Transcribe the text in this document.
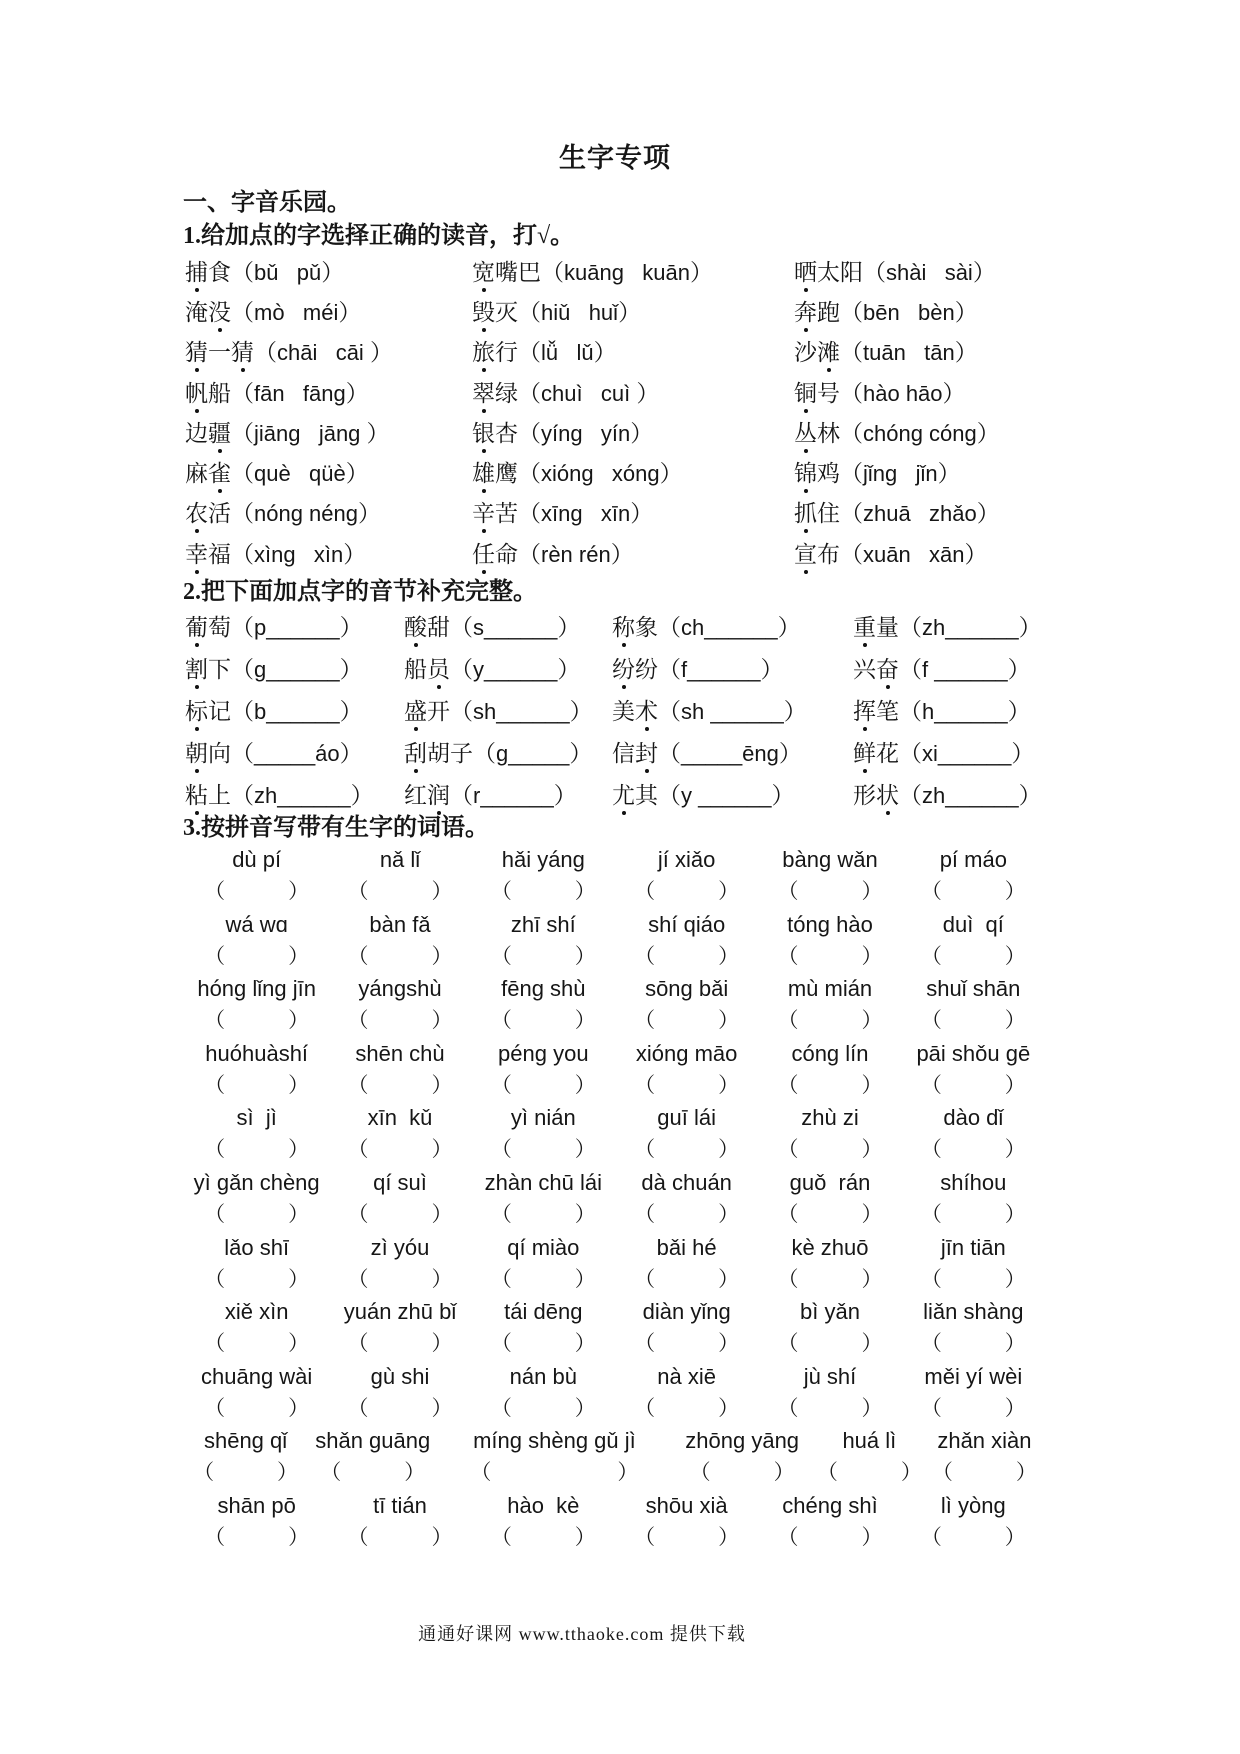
生字专项
一、字音乐园。
1.给加点的字选择正确的读音，打√。
捕食（bǔ   pǔ）	宽嘴巴（kuāng   kuān）	晒太阳（shài   sài）
淹没（mò   méi）	毁灭（hiǔ   huǐ）	奔跑（bēn   bèn）
猜一猜（chāi   cāi ）	旅行（lǚ   lǔ）	沙滩（tuān   tān）
帆船（fān   fāng）	翠绿（chuì   cuì ）	铜号（hào hāo）
边疆（jiāng   jāng ）	银杏（yíng   yín）	丛林（chóng cóng）
麻雀（què   qüè）	雄鹰（xióng   xóng）	锦鸡（jǐng   jǐn）
农活（nóng néng）	辛苦（xīng   xīn）	抓住（zhuā   zhǎo）
幸福（xìng   xìn）	任命（rèn rén）	宣布（xuān   xān）
2.把下面加点字的音节补充完整。
葡萄（p______）	酸甜（s______）	称象（ch______）	重量（zh______）
割下（g______）	船员（y______）	纷纷（f______）	兴奋（f ______）
标记（b______）	盛开（sh______） 美术（sh ______）	挥笔（h______）
朝向（_____áo）	刮胡子（g_____） 信封（_____ēng）	鲜花（xi______）
粘上（zh______）	红润（r______）	尤其（y ______）	形状（zh______）
3.按拼音写带有生字的词语。
dù pí	nǎ lǐ	hǎi yáng	jí xiǎo	bàng wǎn	pí máo
（　　　）	（　　　）	（　　　）	（　　　）	（　　　）	（　　　）
wá wɑ	bàn fǎ	zhī shí	shí qiáo	tóng hào	duì  qí
（　　　）	（　　　）	（　　　）	（　　　）	（　　　）	（　　　）
hóng lǐng jīn	yángshù	fēng shù	sōng bǎi	mù mián	shuǐ shān
（　　　）	（　　　）	（　　　）	（　　　）	（　　　）	（　　　）
huóhuàshí	shēn chù	péng you	xióng māo	cóng lín	pāi shǒu gē
（　　　）	（　　　）	（　　　）	（　　　）	（　　　）	（　　　）
sì  jì	xīn  kǔ	yì nián	guī lái	zhù zi	dào dǐ
（　　　）	（　　　）	（　　　）	（　　　）	（　　　）	（　　　）
yì gǎn chèng	qí suì	zhàn chū lái	dà chuán	guǒ  rán	shíhou
（　　　）	（　　　）	（　　　）	（　　　）	（　　　）	（　　　）
lǎo shī	zì yóu	qí miào	bǎi hé	kè zhuō	jīn tiān
（　　　）	（　　　）	（　　　）	（　　　）	（　　　）	（　　　）
xiě xìn	yuán zhū bǐ	tái dēng	diàn yǐng	bì yǎn	liǎn shàng
（　　　）	（　　　）	（　　　）	（　　　）	（　　　）	（　　　）
chuāng wài	gù shi	nán bù	nà xiē	jù shí	měi yí wèi
（　　　）	（　　　）	（　　　）	（　　　）	（　　　）	（　　　）
shēng qǐ	shǎn guāng	míng shèng gǔ jì	zhōng yāng	huá lì	zhǎn xiàn
（　　　）	（　　　）	（　　　　　　）	（　　　）	（　　　） （　　　）
shān pō	tī tián	hào  kè	shōu xià	chéng shì	lì yòng
（　　　）	（　　　）	（　　　）	（　　　）	（　　　）	（　　　）
通通好课网 www.tthaoke.com 提供下载
